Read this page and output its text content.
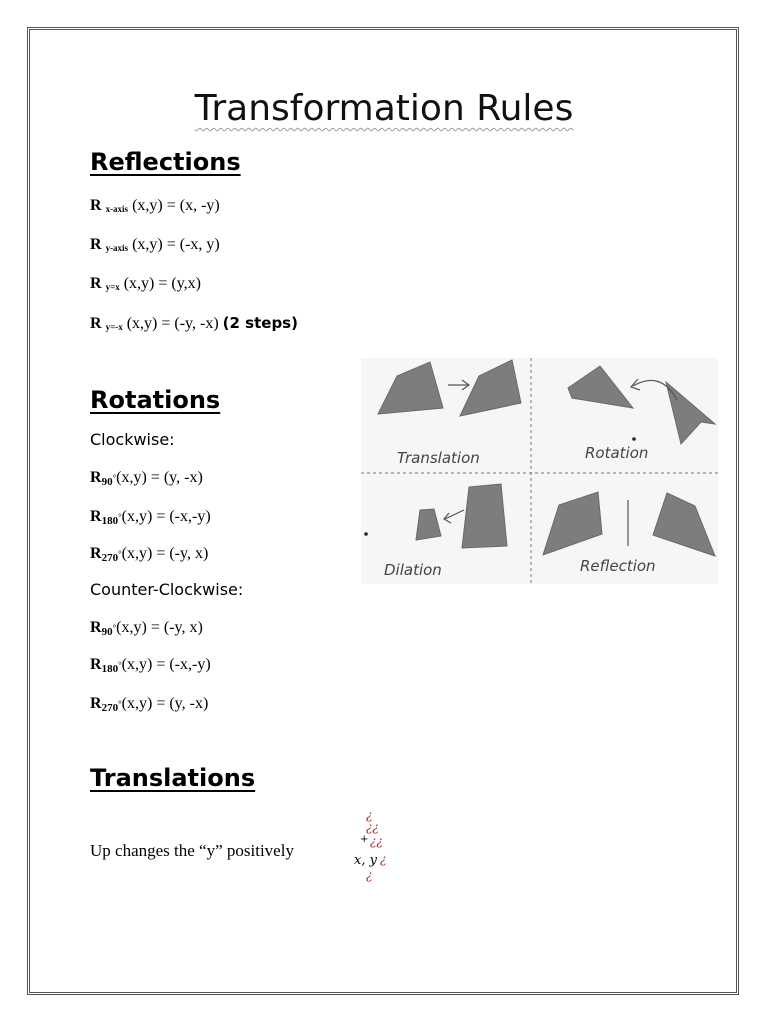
Transformation Rules
Reflections
R x-axis (x,y) = (x, -y)
R y-axis (x,y) = (-x, y)
R y=x (x,y) = (y,x)
R y=-x (x,y) = (-y, -x) (2 steps)
Rotations
Clockwise:
R90°(x,y) = (y, -x)
R180°(x,y) = (-x,-y)
R270°(x,y) = (-y, x)
Counter-Clockwise:
R90°(x,y) = (-y, x)
R180°(x,y) = (-x,-y)
R270°(x,y) = (y, -x)
Translation	Rotation
Dilation	Reflection
Translations
Up changes the “y” positively
¿
¿¿
+ ¿¿
x, y ¿
¿
